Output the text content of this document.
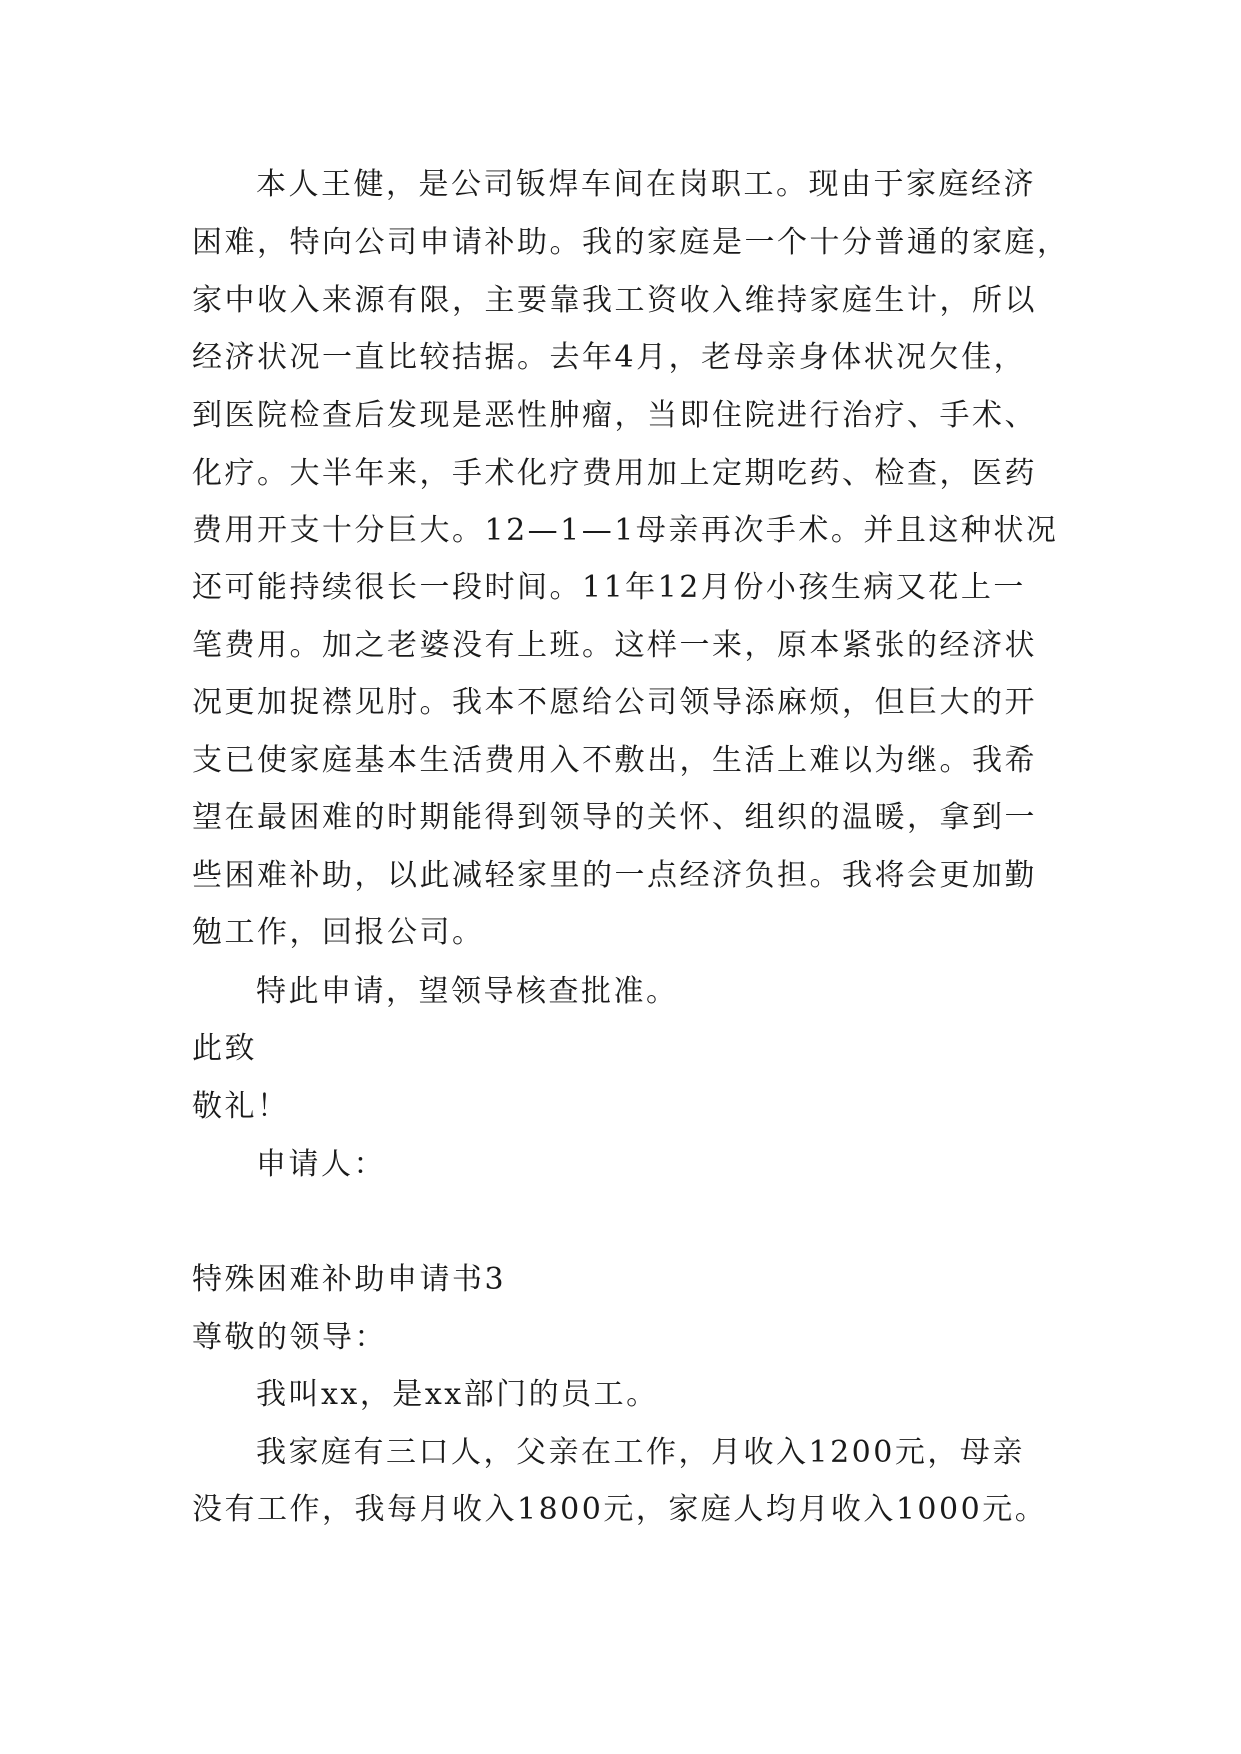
本人王健，是公司钣焊车间在岗职工。现由于家庭经济
困难，特向公司申请补助。我的家庭是一个十分普通的家庭，
家中收入来源有限，主要靠我工资收入维持家庭生计，所以
经济状况一直比较拮据。去年4月，老母亲身体状况欠佳，
到医院检查后发现是恶性肿瘤，当即住院进行治疗、手术、
化疗。大半年来，手术化疗费用加上定期吃药、检查，医药
费用开支十分巨大。12—1—1母亲再次手术。并且这种状况
还可能持续很长一段时间。11年12月份小孩生病又花上一
笔费用。加之老婆没有上班。这样一来，原本紧张的经济状
况更加捉襟见肘。我本不愿给公司领导添麻烦，但巨大的开
支已使家庭基本生活费用入不敷出，生活上难以为继。我希
望在最困难的时期能得到领导的关怀、组织的温暖，拿到一
些困难补助，以此减轻家里的一点经济负担。我将会更加勤
勉工作，回报公司。
特此申请，望领导核查批准。
此致
敬礼！
申请人：
特殊困难补助申请书3
尊敬的领导：
我叫xx，是xx部门的员工。
我家庭有三口人，父亲在工作，月收入1200元，母亲
没有工作，我每月收入1800元，家庭人均月收入1000元。
